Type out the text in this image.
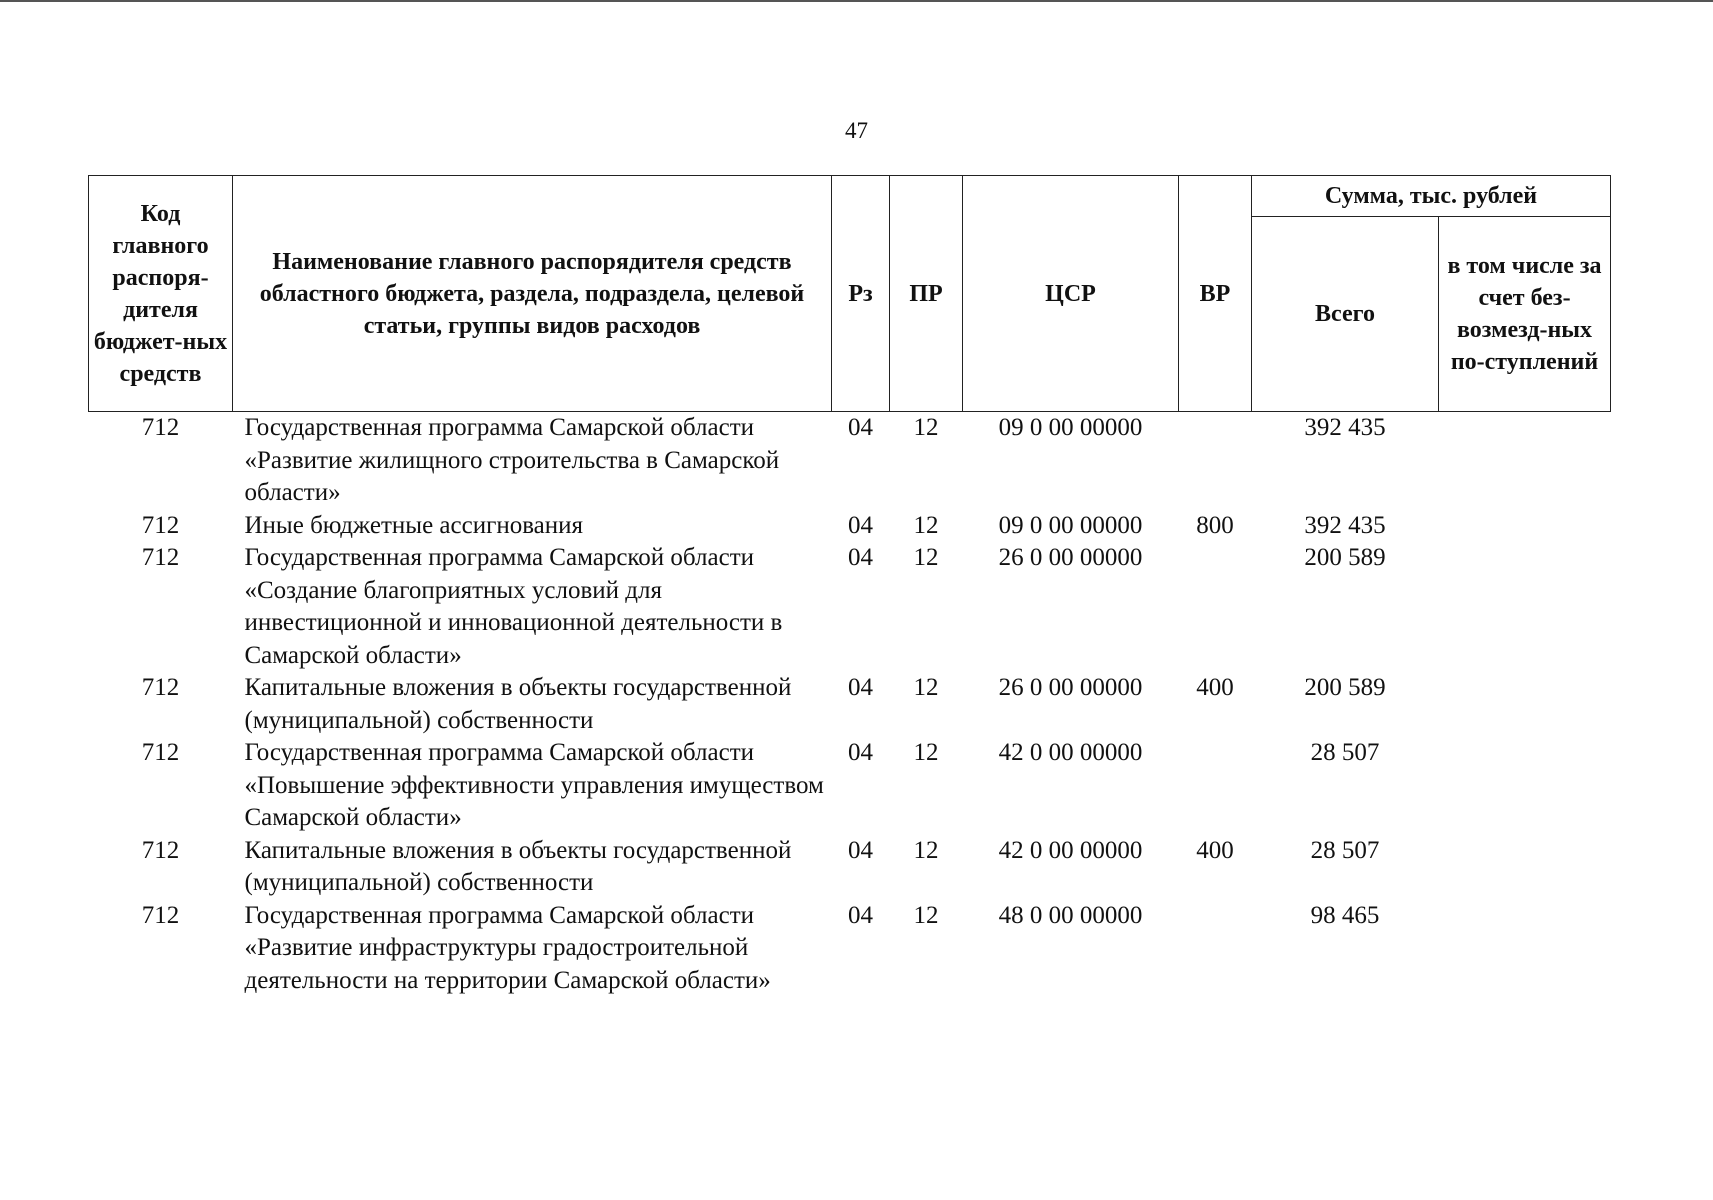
47
Код главного распоря-дителя бюджет-ных средств	Наименование главного распорядителя средств областного бюджета, раздела, подраздела, целевой статьи, группы видов расходов	Рз	ПР	ЦСР	ВР	Сумма, тыс. рублей	
						Всего	в том числе за счет без-возмезд-ных по-ступлений
712	Государственная программа Самарской области «Развитие жилищного строительства в Самарской области»	04	12	09 0 00 00000		392 435	
712	Иные бюджетные ассигнования	04	12	09 0 00 00000	800	392 435	
712	Государственная программа Самарской области «Создание благоприятных условий для инвестиционной и инновационной деятельности в Самарской области»	04	12	26 0 00 00000		200 589	
712	Капитальные вложения в объекты государственной (муниципальной) собственности	04	12	26 0 00 00000	400	200 589	
712	Государственная программа Самарской области «Повышение эффективности управления имуществом Самарской области»	04	12	42 0 00 00000		28 507	
712	Капитальные вложения в объекты государственной (муниципальной) собственности	04	12	42 0 00 00000	400	28 507	
712	Государственная программа Самарской области «Развитие инфраструктуры градостроительной деятельности на территории Самарской области»	04	12	48 0 00 00000		98 465	
